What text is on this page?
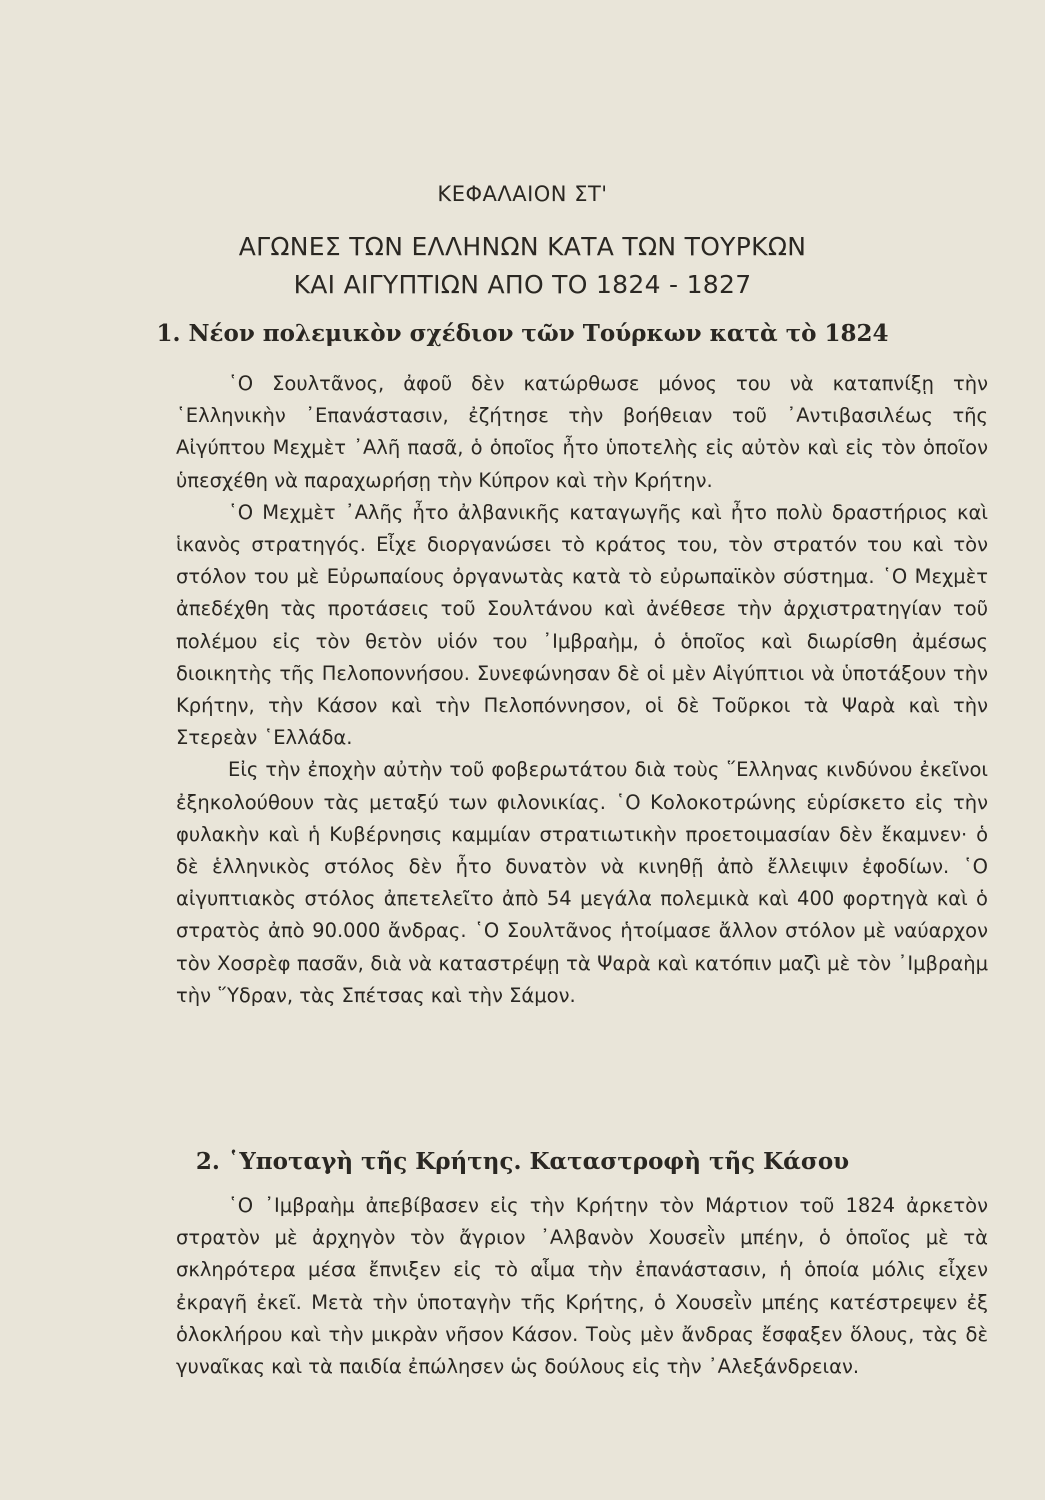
ΚΕΦΑΛΑΙΟΝ ΣΤ'
ΑΓΩΝΕΣ ΤΩΝ ΕΛΛΗΝΩΝ ΚΑΤΑ ΤΩΝ ΤΟΥΡΚΩΝ
ΚΑΙ ΑΙΓΥΠΤΙΩΝ ΑΠΟ ΤΟ 1824 - 1827
1. Νέον πολεμικὸν σχέδιον τῶν Τούρκων κατὰ τὸ 1824

῾Ο Σουλτᾶνος, ἀφοῦ δὲν κατώρθωσε μόνος του νὰ καταπνίξῃ τὴν ῾Ελληνικὴν ᾿Επανάστασιν, ἐζήτησε τὴν βοήθειαν τοῦ ᾿Αντιβασιλέως τῆς Αἰγύπτου Μεχμὲτ ᾿Αλῆ πασᾶ, ὁ ὁποῖος ἦτο ὑποτελὴς εἰς αὐτὸν καὶ εἰς τὸν ὁποῖον ὑπεσχέθη νὰ παραχωρήσῃ τὴν Κύπρον καὶ τὴν Κρήτην.

῾Ο Μεχμὲτ ᾿Αλῆς ἦτο ἀλβανικῆς καταγωγῆς καὶ ἦτο πολὺ δραστήριος καὶ ἱκανὸς στρατηγός. Εἶχε διοργανώσει τὸ κράτος του, τὸν στρατόν του καὶ τὸν στόλον του μὲ Εὐρωπαίους ὀργανωτὰς κατὰ τὸ εὐρωπαϊκὸν σύστημα. ῾Ο Μεχμὲτ ἀπεδέχθη τὰς προτάσεις τοῦ Σουλτάνου καὶ ἀνέθεσε τὴν ἀρχιστρατηγίαν τοῦ πολέμου εἰς τὸν θετὸν υἱόν του ᾿Ιμβραὴμ, ὁ ὁποῖος καὶ διωρίσθη ἀμέσως διοικητὴς τῆς Πελοποννήσου. Συνεφώνησαν δὲ οἱ μὲν Αἰγύπτιοι νὰ ὑποτάξουν τὴν Κρήτην, τὴν Κάσον καὶ τὴν Πελοπόννησον, οἱ δὲ Τοῦρκοι τὰ Ψαρὰ καὶ τὴν Στερεὰν ῾Ελλάδα.

Εἰς τὴν ἐποχὴν αὐτὴν τοῦ φοβερωτάτου διὰ τοὺς ῞Ελληνας κινδύνου ἐκεῖνοι ἐξηκολούθουν τὰς μεταξύ των φιλονικίας. ῾Ο Κολοκοτρώνης εὑρίσκετο εἰς τὴν φυλακὴν καὶ ἡ Κυβέρνησις καμμίαν στρατιωτικὴν προετοιμασίαν δὲν ἔκαμνεν· ὁ δὲ ἑλληνικὸς στόλος δὲν ἦτο δυνατὸν νὰ κινηθῇ ἀπὸ ἔλλειψιν ἐφοδίων. ῾Ο αἰγυπτιακὸς στόλος ἀπετελεῖτο ἀπὸ 54 μεγάλα πολεμικὰ καὶ 400 φορτηγὰ καὶ ὁ στρατὸς ἀπὸ 90.000 ἄνδρας. ῾Ο Σουλτᾶνος ἡτοίμασε ἄλλον στόλον μὲ ναύαρχον τὸν Χοσρὲφ πασᾶν, διὰ νὰ καταστρέψῃ τὰ Ψαρὰ καὶ κατόπιν μαζὶ μὲ τὸν ᾿Ιμβραὴμ τὴν ῞Υδραν, τὰς Σπέτσας καὶ τὴν Σάμον.

2. ῾Υποταγὴ τῆς Κρήτης. Καταστροφὴ τῆς Κάσου

῾Ο ᾿Ιμβραὴμ ἀπεβίβασεν εἰς τὴν Κρήτην τὸν Μάρτιον τοῦ 1824 ἀρκετὸν στρατὸν μὲ ἀρχηγὸν τὸν ἄγριον ᾿Αλβανὸν Χουσεῒν μπέην, ὁ ὁποῖος μὲ τὰ σκληρότερα μέσα ἔπνιξεν εἰς τὸ αἷμα τὴν ἐπανάστασιν, ἡ ὁποία μόλις εἶχεν ἐκραγῆ ἐκεῖ. Μετὰ τὴν ὑποταγὴν τῆς Κρήτης, ὁ Χουσεῒν μπέης κατέστρεψεν ἐξ ὁλοκλήρου καὶ τὴν μικρὰν νῆσον Κάσον. Τοὺς μὲν ἄνδρας ἔσφαξεν ὅλους, τὰς δὲ γυναῖκας καὶ τὰ παιδία ἐπώλησεν ὡς δούλους εἰς τὴν ᾿Αλεξάνδρειαν.
